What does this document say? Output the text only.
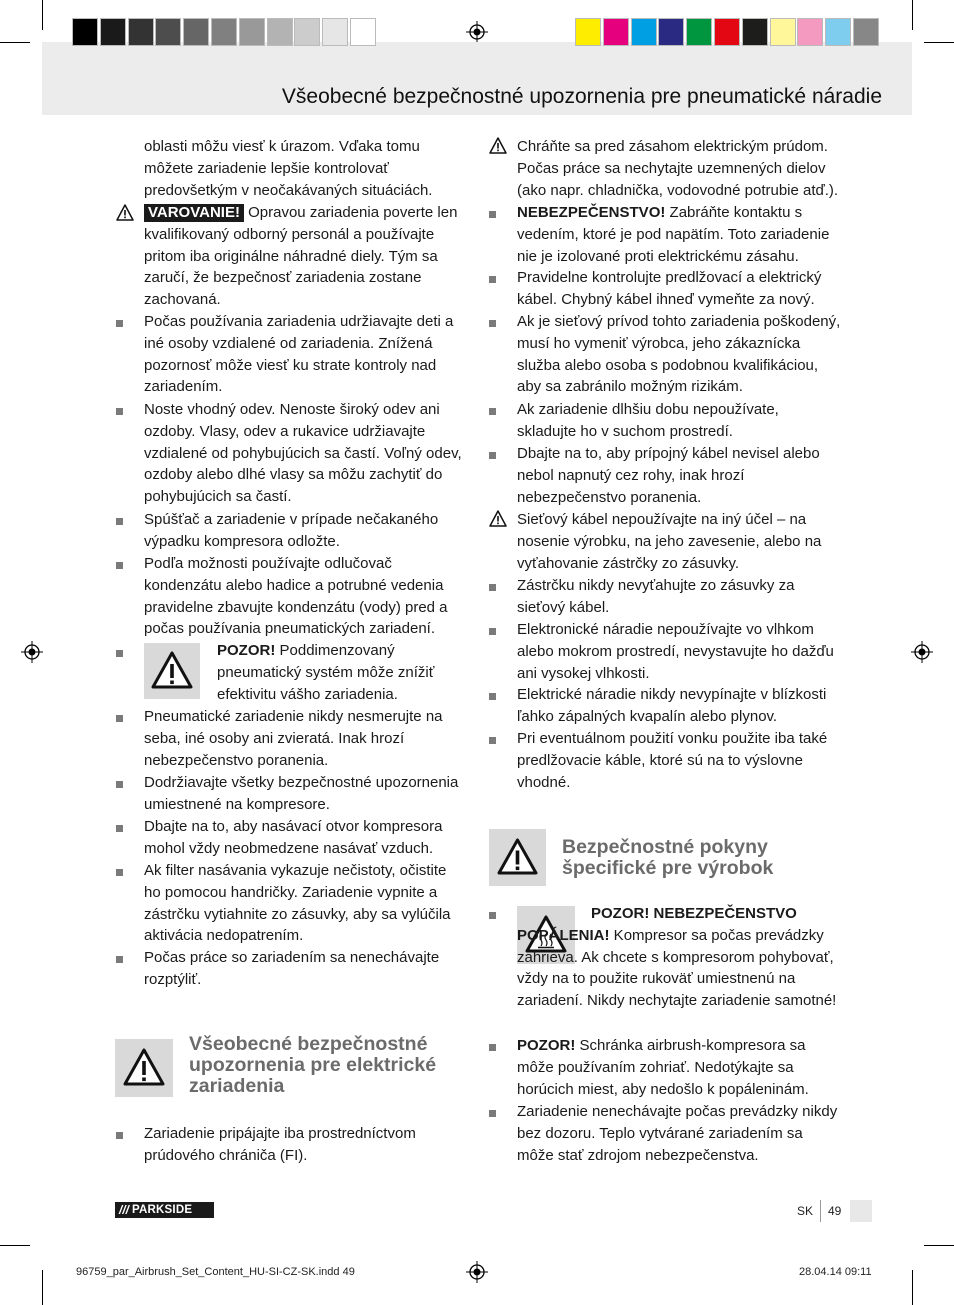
Všeobecné bezpečnostné upozornenia pre pneumatické náradie

oblasti môžu viesť k úrazom. Vďaka tomu môžete zariadenie lepšie kontrolovať predovšetkým v neočakávaných situáciách.

VAROVANIE! Opravou zariadenia poverte len kvalifikovaný odborný personál a používajte pritom iba originálne náhradné diely. Tým sa zaručí, že bezpečnosť zariadenia zostane zachovaná.

Počas používania zariadenia udržiavajte deti a iné osoby vzdialené od zariadenia. Znížená pozornosť môže viesť ku strate kontroly nad zariadením.

Noste vhodný odev. Nenoste široký odev ani ozdoby. Vlasy, odev a rukavice udržiavajte vzdialené od pohybujúcich sa častí. Voľný odev, ozdoby alebo dlhé vlasy sa môžu zachytiť do pohybujúcich sa častí.

Spúšťač a zariadenie v prípade nečakaného výpadku kompresora odložte.

Podľa možnosti používajte odlučovač kondenzátu alebo hadice a potrubné vedenia pravidelne zbavujte kondenzátu (vody) pred a počas používania pneumatických zariadení.

POZOR! Poddimenzovaný pneumatický systém môže znížiť efektivitu vášho zariadenia.

Pneumatické zariadenie nikdy nesmerujte na seba, iné osoby ani zvieratá. Inak hrozí nebezpečenstvo poranenia.

Dodržiavajte všetky bezpečnostné upozornenia umiestnené na kompresore.

Dbajte na to, aby nasávací otvor kompresora mohol vždy neobmedzene nasávať vzduch.

Ak filter nasávania vykazuje nečistoty, očistite ho pomocou handričky. Zariadenie vypnite a zástrčku vytiahnite zo zásuvky, aby sa vylúčila aktivácia nedopatrením.

Počas práce so zariadením sa nenechávajte rozptýliť.

Všeobecné bezpečnostné upozornenia pre elektrické zariadenia

Zariadenie pripájajte iba prostredníctvom prúdového chrániča (FI).

Chráňte sa pred zásahom elektrickým prúdom. Počas práce sa nechytajte uzemnených dielov (ako napr. chladnička, vodovodné potrubie atď.).

NEBEZPEČENSTVO! Zabráňte kontaktu s vedením, ktoré je pod napätím. Toto zariadenie nie je izolované proti elektrickému zásahu.

Pravidelne kontrolujte predlžovací a elektrický kábel. Chybný kábel ihneď vymeňte za nový.

Ak je sieťový prívod tohto zariadenia poškodený, musí ho vymeniť výrobca, jeho zákaznícka služba alebo osoba s podobnou kvalifikáciou, aby sa zabránilo možným rizikám.

Ak zariadenie dlhšiu dobu nepoužívate, skladujte ho v suchom prostredí.

Dbajte na to, aby prípojný kábel nevisel alebo nebol napnutý cez rohy, inak hrozí nebezpečenstvo poranenia.

Sieťový kábel nepoužívajte na iný účel – na nosenie výrobku, na jeho zavesenie, alebo na vyťahovanie zástrčky zo zásuvky.

Zástrčku nikdy nevyťahujte zo zásuvky za sieťový kábel.

Elektronické náradie nepoužívajte vo vlhkom alebo mokrom prostredí, nevystavujte ho dažďu ani vysokej vlhkosti.

Elektrické náradie nikdy nevypínajte v blízkosti ľahko zápalných kvapalín alebo plynov.

Pri eventuálnom použití vonku použite iba také predlžovacie káble, ktoré sú na to výslovne vhodné.

Bezpečnostné pokyny špecifické pre výrobok

POZOR! NEBEZPEČENSTVO POPÁLENIA! Kompresor sa počas prevádzky zahrieva. Ak chcete s kompresorom pohybovať, vždy na to použite rukoväť umiestnenú na zariadení. Nikdy nechytajte zariadenie samotné!

POZOR! Schránka airbrush-kompresora sa môže používaním zohriať. Nedotýkajte sa horúcich miest, aby nedošlo k popáleninám.

Zariadenie nenechávajte počas prevádzky nikdy bez dozoru. Teplo vytvárané zariadením sa môže stať zdrojom nebezpečenstva.

/// PARKSIDE	SK 49
96759_par_Airbrush_Set_Content_HU-SI-CZ-SK.indd 49	28.04.14 09:11
